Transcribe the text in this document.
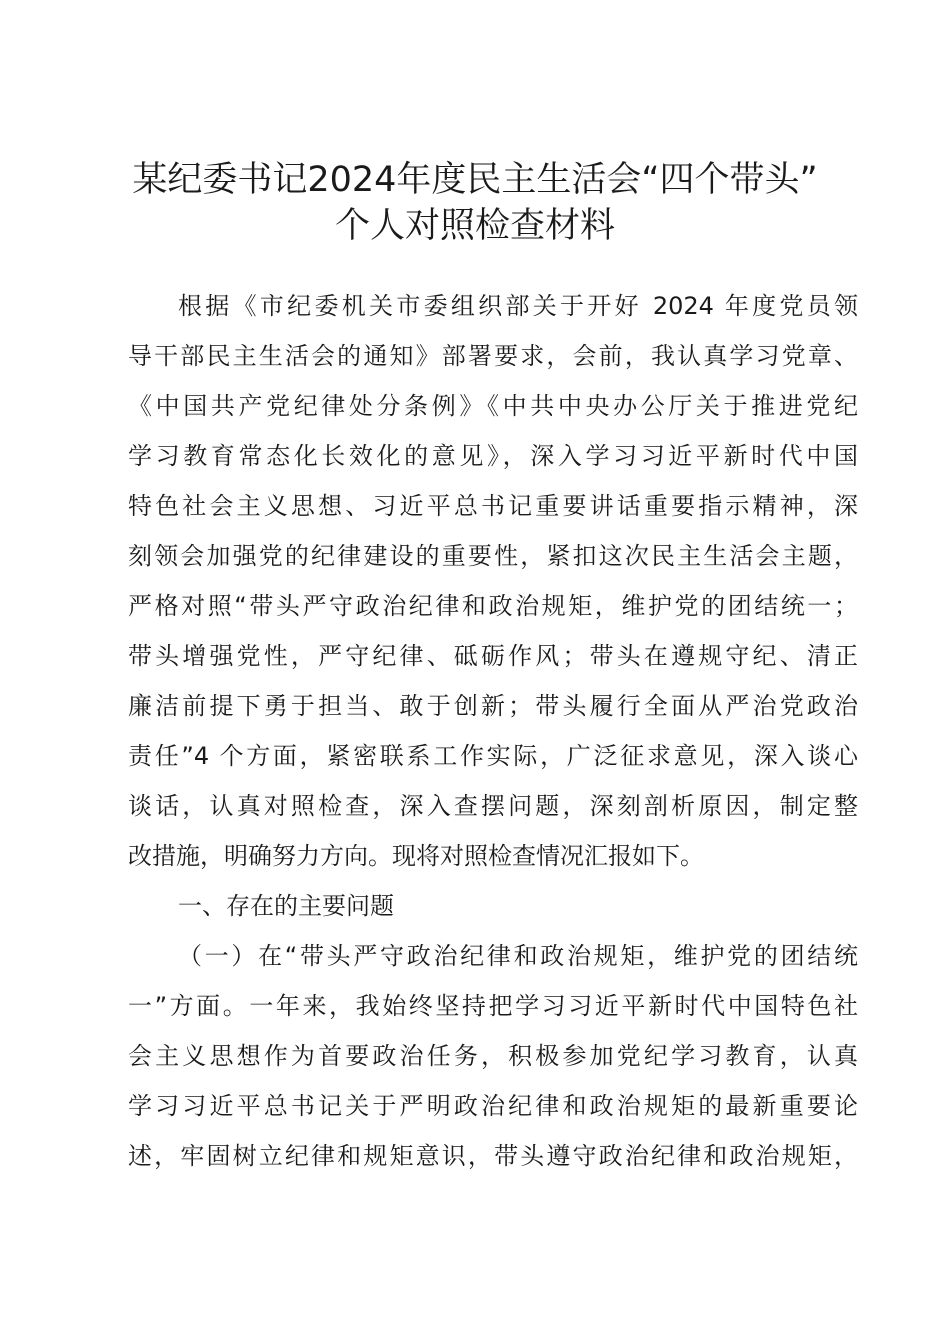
某纪委书记2024年度民主生活会“四个带头”
个人对照检查材料
根据《市纪委机关市委组织部关于开好 2024 年度党员领
导干部民主生活会的通知》部署要求，会前，我认真学习党章、
《中国共产党纪律处分条例》《中共中央办公厅关于推进党纪
学习教育常态化长效化的意见》，深入学习习近平新时代中国
特色社会主义思想、习近平总书记重要讲话重要指示精神，深
刻领会加强党的纪律建设的重要性，紧扣这次民主生活会主题，
严格对照“带头严守政治纪律和政治规矩，维护党的团结统一；
带头增强党性，严守纪律、砥砺作风；带头在遵规守纪、清正
廉洁前提下勇于担当、敢于创新；带头履行全面从严治党政治
责任”4 个方面，紧密联系工作实际，广泛征求意见，深入谈心
谈话，认真对照检查，深入查摆问题，深刻剖析原因，制定整
改措施，明确努力方向。现将对照检查情况汇报如下。
一、存在的主要问题
（一）在“带头严守政治纪律和政治规矩，维护党的团结统
一”方面。一年来，我始终坚持把学习习近平新时代中国特色社
会主义思想作为首要政治任务，积极参加党纪学习教育，认真
学习习近平总书记关于严明政治纪律和政治规矩的最新重要论
述，牢固树立纪律和规矩意识，带头遵守政治纪律和政治规矩，
